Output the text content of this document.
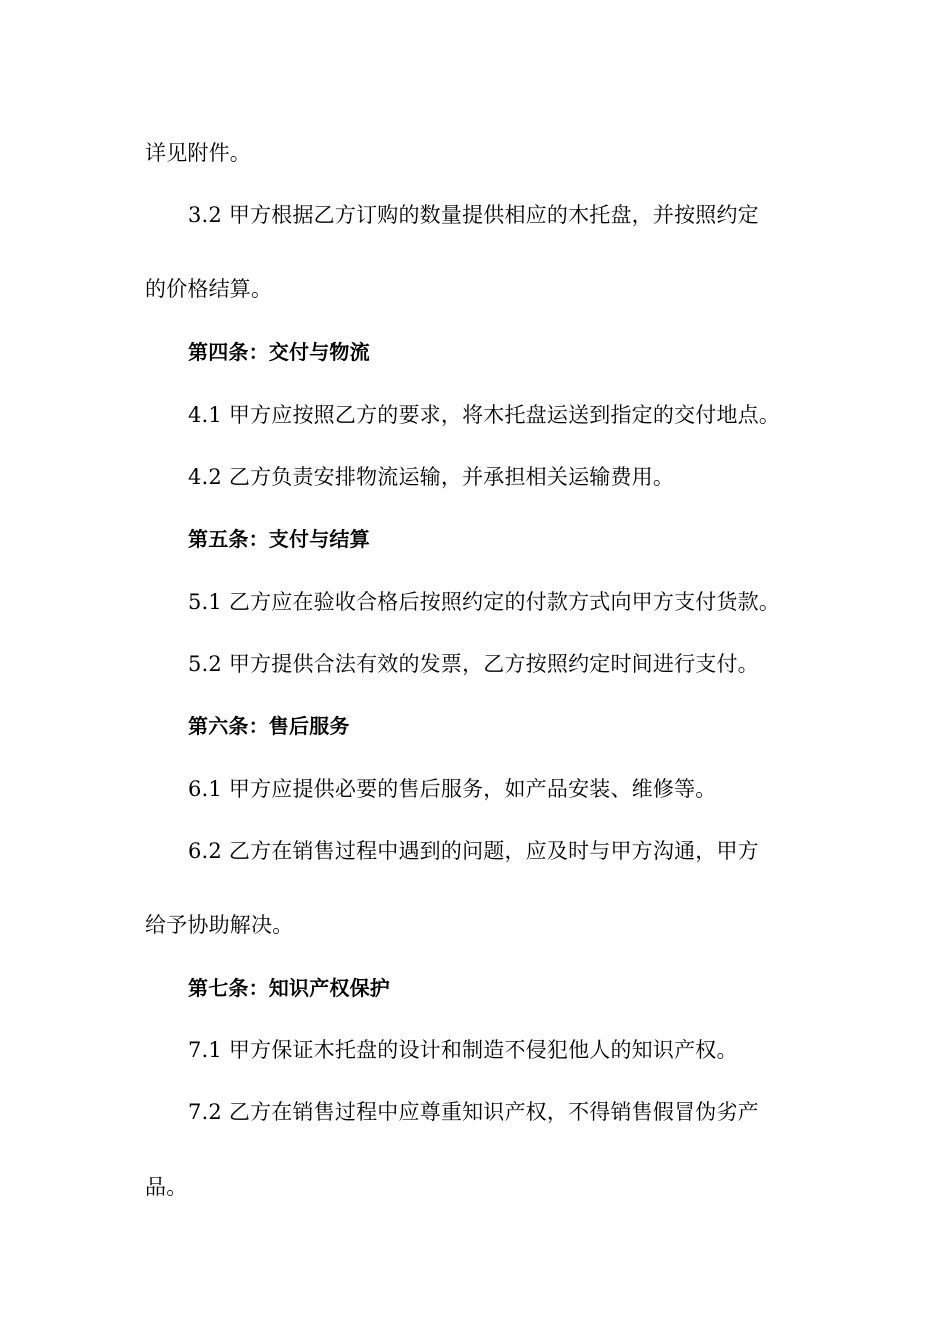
详见附件。
3.2 甲方根据乙方订购的数量提供相应的木托盘，并按照约定
的价格结算。
第四条：交付与物流
4.1 甲方应按照乙方的要求，将木托盘运送到指定的交付地点。
4.2 乙方负责安排物流运输，并承担相关运输费用。
第五条：支付与结算
5.1 乙方应在验收合格后按照约定的付款方式向甲方支付货款。
5.2 甲方提供合法有效的发票，乙方按照约定时间进行支付。
第六条：售后服务
6.1 甲方应提供必要的售后服务，如产品安装、维修等。
6.2 乙方在销售过程中遇到的问题，应及时与甲方沟通，甲方
给予协助解决。
第七条：知识产权保护
7.1 甲方保证木托盘的设计和制造不侵犯他人的知识产权。
7.2 乙方在销售过程中应尊重知识产权，不得销售假冒伪劣产
品。
